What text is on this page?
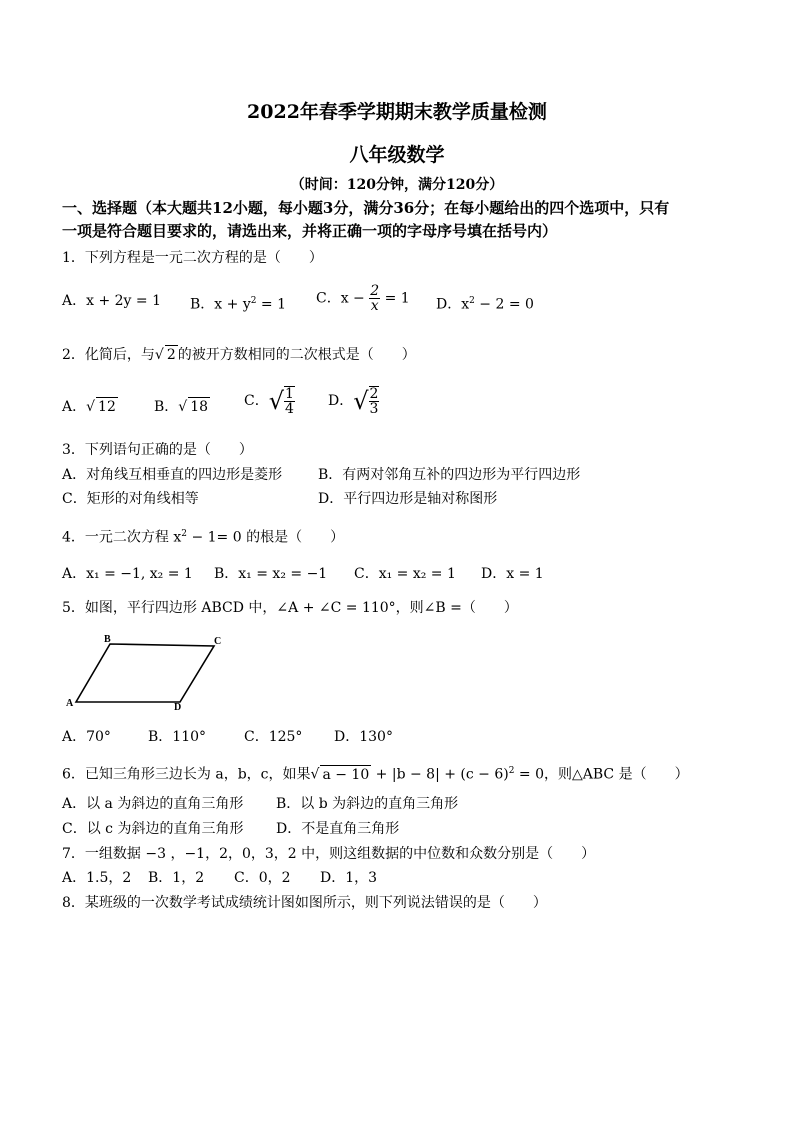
2022年春季学期期末教学质量检测
八年级数学
（时间：120分钟，满分120分）
一、选择题（本大题共12小题，每小题3分，满分36分；在每小题给出的四个选项中，只有
一项是符合题目要求的，请选出来，并将正确一项的字母序号填在括号内）
1．下列方程是一元二次方程的是（　　）
A．x + 2y = 1 B．$x + y^2 = 1$ C．$x - \frac{2}{x} = 1$ D．$x^2 - 2 = 0$
2．化简后，与√ 2 的被开方数相同的二次根式是（　　）
A．√ 12	B．√ 18	C．√ $\frac{1}{4}$ D．√ $\frac{2}{3}$
3．下列语句正确的是（　　）
A．对角线互相垂直的四边形是菱形	B．有两对邻角互补的四边形为平行四边形
C．矩形的对角线相等	D．平行四边形是轴对称图形
4．一元二次方程 $x^2 - 1= 0$ 的根是（　　）
A．x₁ = −1, x₂ = 1 B．x₁ = x₂ = −1 C．x₁ = x₂ = 1 D．x = 1
5．如图，平行四边形 ABCD 中，∠A + ∠C = 110°，则∠B =（　　）
A
B	C
D
A．70°	B．110°	C．125° D．130°
6．已知三角形三边长为 a，b，c，如果√ $a - 10 + |b - 8| + (c - 6)^2 = 0$，则△ABC 是（　　）
A．以 a 为斜边的直角三角形 B．以 b 为斜边的直角三角形
C．以 c 为斜边的直角三角形 D．不是直角三角形
7．一组数据 −3 ，−1，2，0，3，2 中，则这组数据的中位数和众数分别是（　　）
A．1.5，2 B．1，2 C．0，2 D．1，3
8．某班级的一次数学考试成绩统计图如图所示，则下列说法错误的是（　　）
